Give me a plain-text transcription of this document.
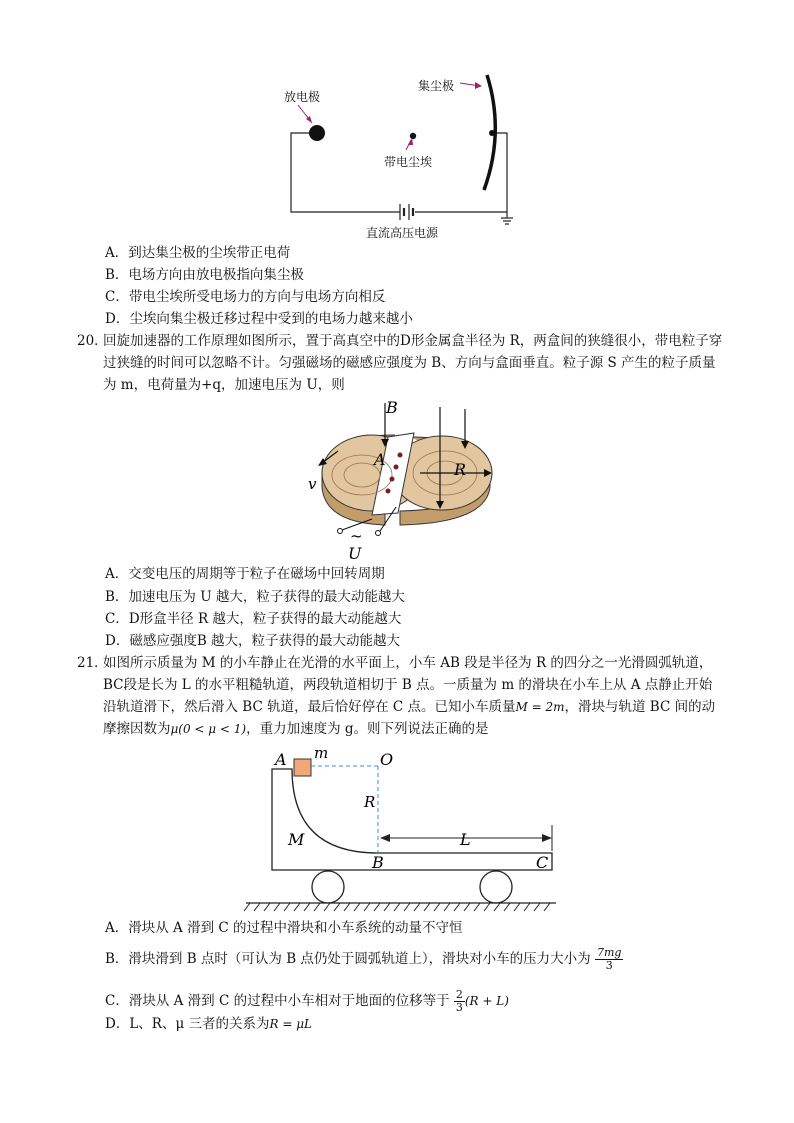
放电极
集尘极
带电尘埃
直流高压电源
A．到达集尘极的尘埃带正电荷
B．电场方向由放电极指向集尘极
C．带电尘埃所受电场力的方向与电场方向相反
D．尘埃向集尘极迁移过程中受到的电场力越来越小
20．
回旋加速器的工作原理如图所示，置于高真空中的D形金属盒半径为 R，两盒间的狭缝很小，带电粒子穿过狭缝的时间可以忽略不计。匀强磁场的磁感应强度为 B、方向与盒面垂直。粒子源 S 产生的粒子质量为 m，电荷量为+q，加速电压为 U，则
B
A
R
v
~
U
A．交变电压的周期等于粒子在磁场中回转周期
B．加速电压为 U 越大，粒子获得的最大动能越大
C．D形盒半径 R 越大，粒子获得的最大动能越大
D．磁感应强度B 越大，粒子获得的最大动能越大
21．
如图所示质量为 M 的小车静止在光滑的水平面上，小车 AB 段是半径为 R 的四分之一光滑圆弧轨道，
BC段是长为 L 的水平粗糙轨道，两段轨道相切于 B 点。一质量为 m 的滑块在小车上从 A 点静止开始
沿轨道滑下，然后滑入 BC 轨道，最后恰好停在 C 点。已知小车质量M = 2m，滑块与轨道 BC 间的动
摩擦因数为μ(0 < μ < 1)，重力加速度为 g。则下列说法正确的是
A m	O
R
M	L
B	C
A．滑块从 A 滑到 C 的过程中滑块和小车系统的动量不守恒
B．滑块滑到 B 点时（可认为 B 点仍处于圆弧轨道上），滑块对小车的压力大小为 $\frac{7mg}{3}$
C．滑块从 A 滑到 C 的过程中小车相对于地面的位移等于 $\frac{2}{3} (R + L)$
D．L、R、μ 三者的关系为R = μL
